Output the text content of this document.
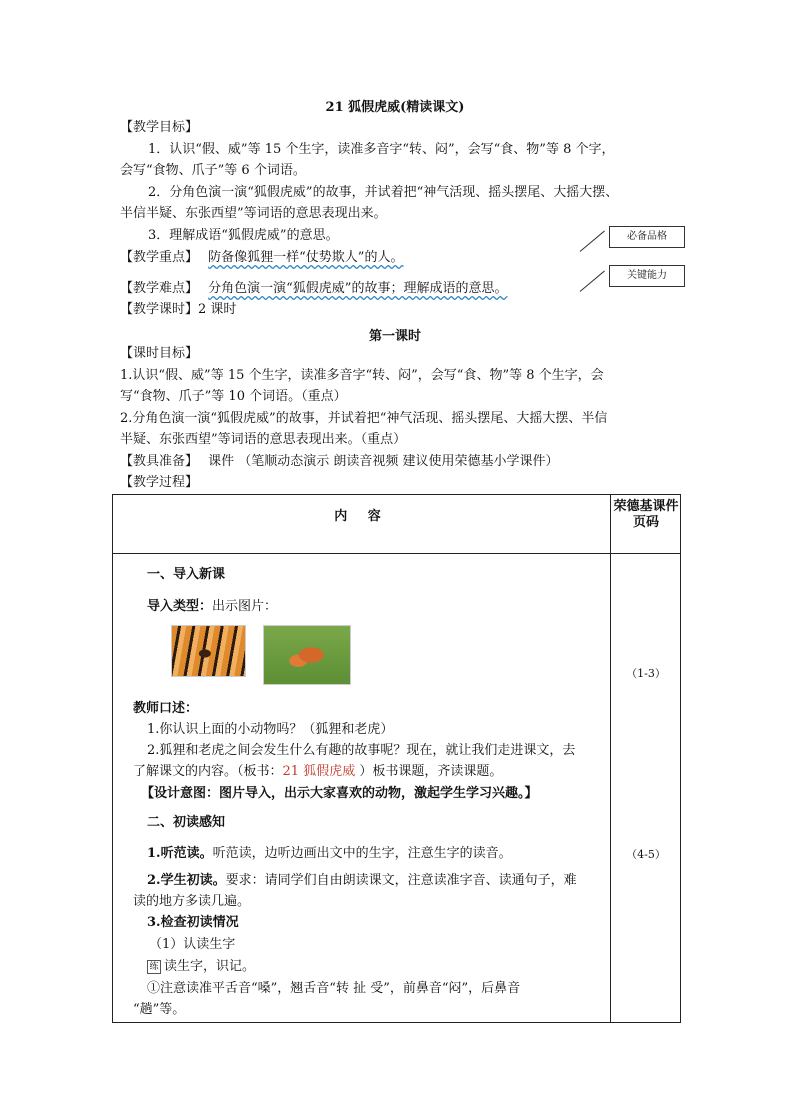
21 狐假虎威(精读课文)
【教学目标】
1．认识“假、威”等 15 个生字，读准多音字“转、闷”，会写“食、物”等 8 个字，
会写“食物、爪子”等 6 个词语。
2．分角色演一演“狐假虎威”的故事，并试着把“神气活现、摇头摆尾、大摇大摆、
半信半疑、东张西望”等词语的意思表现出来。
3．理解成语“狐假虎威”的意思。
【教学重点】 防备像狐狸一样“仗势欺人”的人。
【教学难点】 分角色演一演“狐假虎威”的故事；理解成语的意思。
【教学课时】2 课时
必备品格
关键能力
第一课时
【课时目标】
1.认识“假、威”等 15 个生字，读准多音字“转、闷”，会写“食、物”等 8 个生字，会
写“食物、爪子”等 10 个词语。（重点）
2.分角色演一演“狐假虎威”的故事，并试着把“神气活现、摇头摆尾、大摇大摆、半信
半疑、东张西望”等词语的意思表现出来。（重点）
【教具准备】 课件 （笔顺动态演示 朗读音视频 建议使用荣德基小学课件）
【教学过程】
内 容
荣德基课件页码
（1-3）
（4-5）
一、导入新课
导入类型：出示图片：
教师口述：
1.你认识上面的小动物吗？（狐狸和老虎）
2.狐狸和老虎之间会发生什么有趣的故事呢？现在，就让我们走进课文，去
了解课文的内容。（板书：21 狐假虎威 ）板书课题，齐读课题。
【设计意图：图片导入，出示大家喜欢的动物，激起学生学习兴趣。】
二、初读感知
1.听范读。听范读，边听边画出文中的生字，注意生字的读音。
2.学生初读。要求：请同学们自由朗读课文，注意读准字音、读通句子，难
读的地方多读几遍。
3.检查初读情况
（1）认读生字
练 读生字，识记。
①注意读准平舌音“嗓”，翘舌音“转 扯 受”，前鼻音“闷”，后鼻音
“趟”等。
